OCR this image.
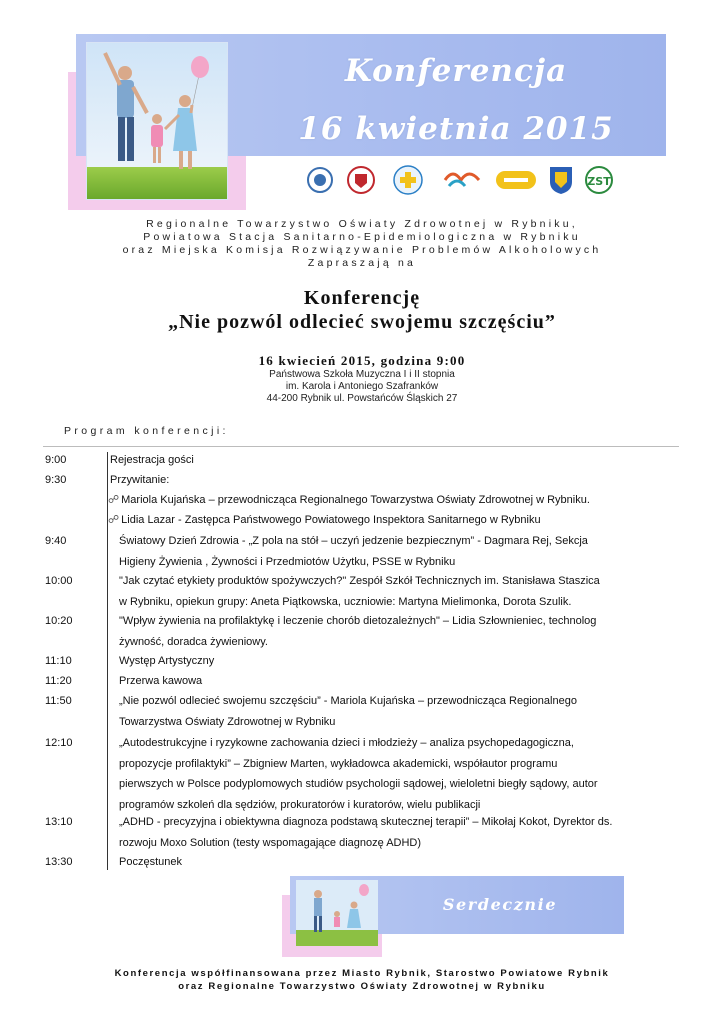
Konferencja
16 kwietnia 2015
ZST
Regionalne Towarzystwo Oświaty Zdrowotnej w Rybniku,
Powiatowa Stacja Sanitarno-Epidemiologiczna w Rybniku
oraz Miejska Komisja Rozwiązywanie Problemów Alkoholowych
Zapraszają na
Konferencję
„Nie pozwól odlecieć swojemu szczęściu”
16 kwiecień 2015, godzina 9:00
Państwowa Szkoła Muzyczna I i II stopnia
im. Karola i Antoniego Szafranków
44-200 Rybnik ul. Powstańców Śląskich 27
Program konferencji:
9:00	Rejestracja gości
9:30	Przywitanie:
☍ Mariola Kujańska – przewodnicząca Regionalnego Towarzystwa Oświaty Zdrowotnej w Rybniku.
☍ Lidia Lazar - Zastępca Państwowego Powiatowego Inspektora Sanitarnego w Rybniku
9:40	Światowy Dzień Zdrowia - „Z pola na stół – uczyń jedzenie bezpiecznym” - Dagmara Rej, Sekcja
Higieny Żywienia , Żywności i Przedmiotów Użytku, PSSE w Rybniku
10:00	"Jak czytać etykiety produktów spożywczych?" Zespół Szkół Technicznych im. Stanisława Staszica
w Rybniku, opiekun grupy: Aneta Piątkowska, uczniowie: Martyna Mielimonka, Dorota Szulik.
10:20	"Wpływ żywienia na profilaktykę i leczenie chorób dietozależnych" – Lidia Szłownieniec, technolog
żywność, doradca żywieniowy.
11:10	Występ Artystyczny
11:20	Przerwa kawowa
11:50	„Nie pozwól odlecieć swojemu szczęściu” - Mariola Kujańska – przewodnicząca Regionalnego
Towarzystwa Oświaty Zdrowotnej w Rybniku
12:10	„Autodestrukcyjne i ryzykowne zachowania dzieci i młodzieży – analiza psychopedagogiczna,
propozycje profilaktyki” – Zbigniew Marten, wykładowca akademicki, współautor programu
pierwszych w Polsce podyplomowych studiów psychologii sądowej, wieloletni biegły sądowy, autor
programów szkoleń dla sędziów, prokuratorów i kuratorów, wielu publikacji
13:10	„ADHD - precyzyjna i obiektywna diagnoza podstawą skutecznej terapii” – Mikołaj Kokot, Dyrektor ds.
rozwoju Moxo Solution (testy wspomagające diagnozę ADHD)
13:30	Poczęstunek
Serdecznie zapraszamy
Konferencja współfinansowana przez Miasto Rybnik, Starostwo Powiatowe Rybnik
oraz Regionalne Towarzystwo Oświaty Zdrowotnej w Rybniku
